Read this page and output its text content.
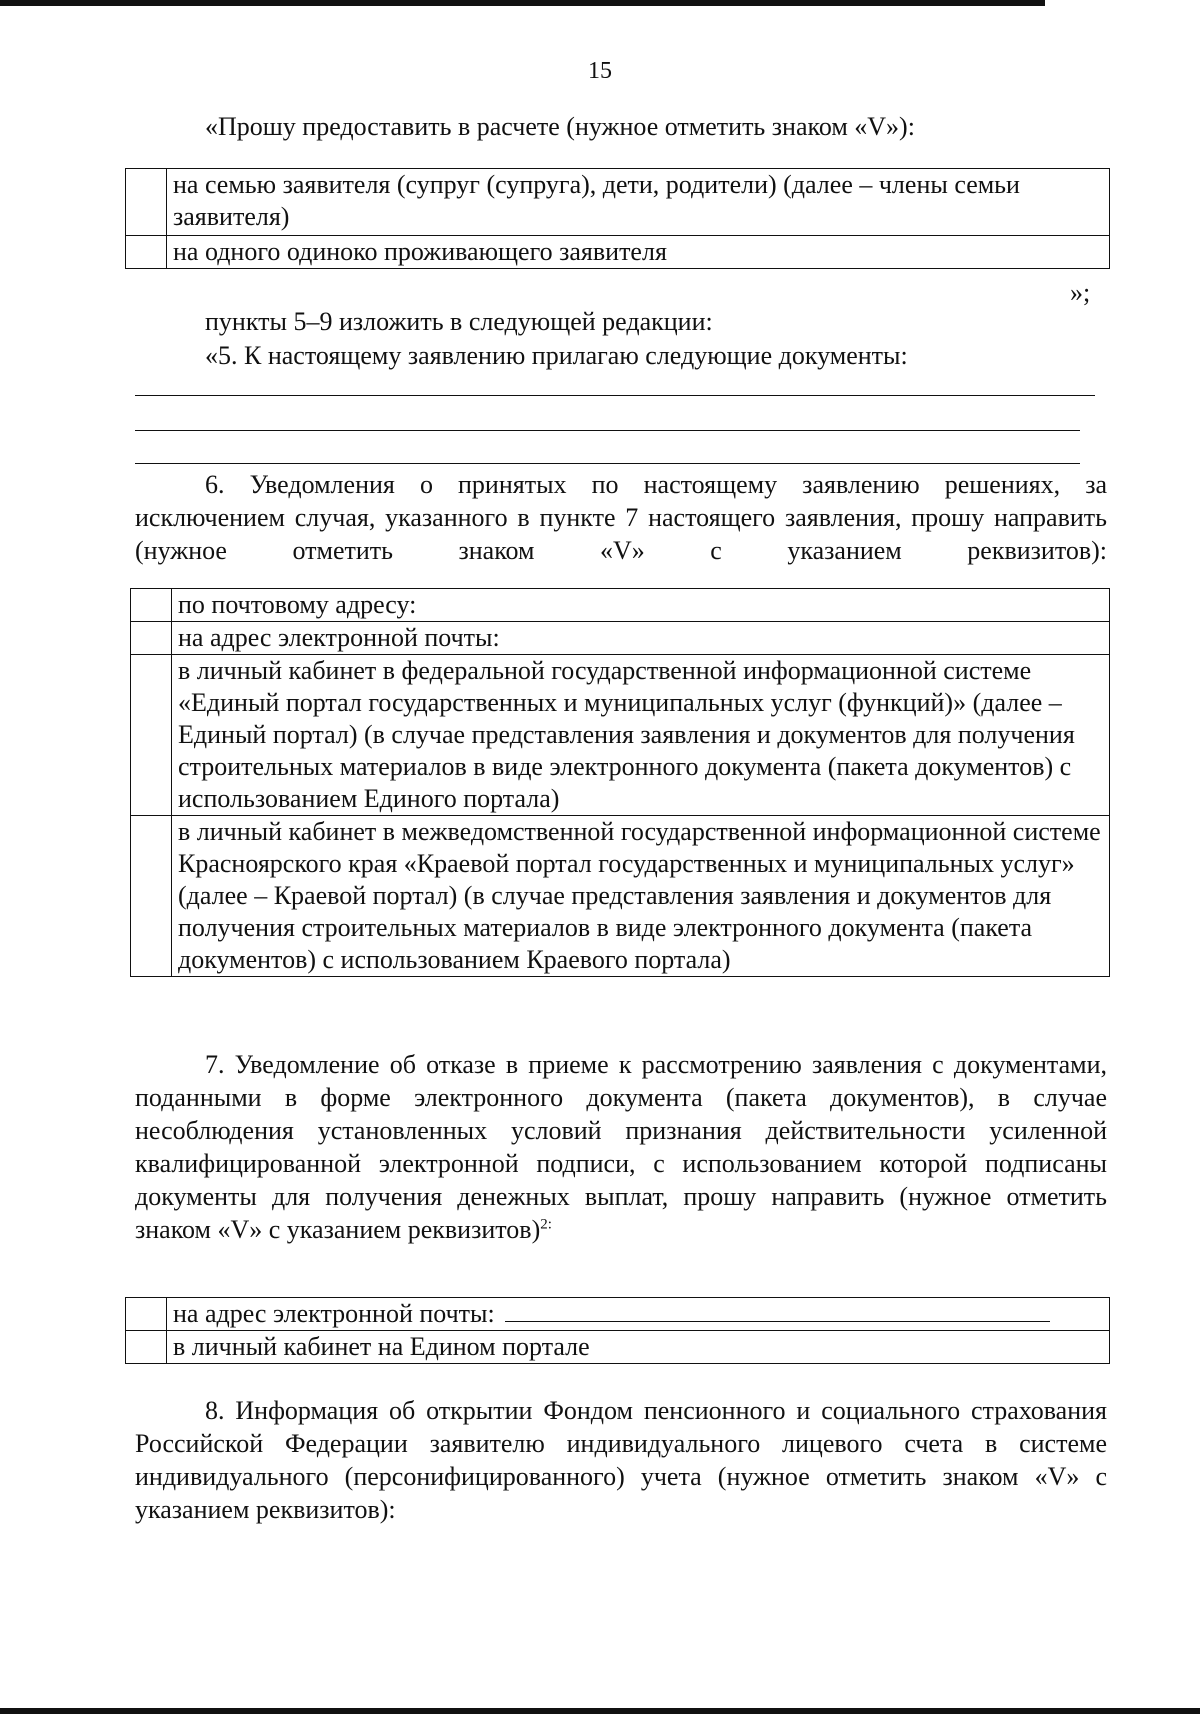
15

«Прошу предоставить в расчете (нужное отметить знаком «V»):

	на семью заявителя (супруг (супруга), дети, родители) (далее – члены семьи заявителя)
	на одного одиноко проживающего заявителя

»;

пункты 5–9 изложить в следующей редакции:

«5. К настоящему заявлению прилагаю следующие документы:

6. Уведомления о принятых по настоящему заявлению решениях, за исключением случая, указанного в пункте 7 настоящего заявления, прошу направить (нужное отметить знаком «V» с указанием реквизитов):

	по почтовому адресу:
	на адрес электронной почты:
	в личный кабинет в федеральной государственной информационной системе «Единый портал государственных и муниципальных услуг (функций)» (далее – Единый портал) (в случае представления заявления и документов для получения строительных материалов в виде электронного документа (пакета документов) с использованием Единого портала)
	в личный кабинет в межведомственной государственной информационной системе Красноярского края «Краевой портал государственных и муниципальных услуг» (далее – Краевой портал) (в случае представления заявления и документов для получения строительных материалов в виде электронного документа (пакета документов) с использованием Краевого портала)

7. Уведомление об отказе в приеме к рассмотрению заявления с документами, поданными в форме электронного документа (пакета документов), в случае несоблюдения установленных условий признания действительности усиленной квалифицированной электронной подписи, с использованием которой подписаны документы для получения денежных выплат, прошу направить (нужное отметить знаком «V» с указанием реквизитов)$^{2:}$

	на адрес электронной почты:
	в личный кабинет на Едином портале

8. Информация об открытии Фондом пенсионного и социального страхования Российской Федерации заявителю индивидуального лицевого счета в системе индивидуального (персонифицированного) учета (нужное отметить знаком «V» с указанием реквизитов):
